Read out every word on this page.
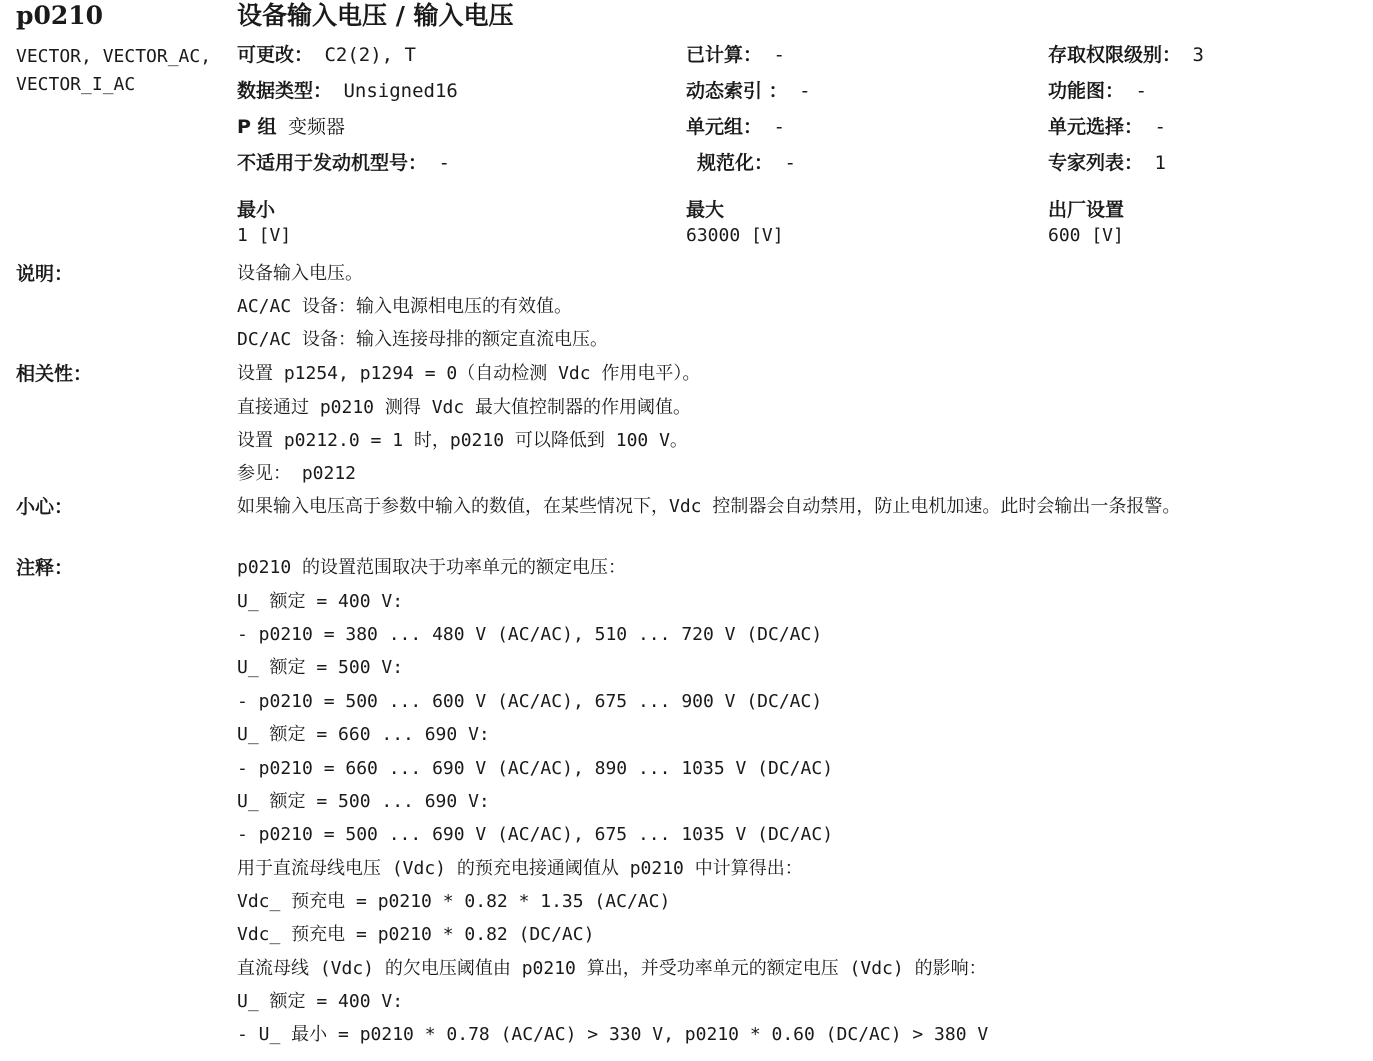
p0210	设备输入电压 / 输入电压
VECTOR, VECTOR_AC, VECTOR_I_AC
可更改： C2(2), T	已计算： -	存取权限级别： 3
数据类型： Unsigned16	动态索引 ： -	功能图： -
P 组 变频器	单元组： -	单元选择： -
不适用于发动机型号： -	规范化： -	专家列表： 1
最小
1 [V]
最大
63000 [V]
出厂设置
600 [V]
说明：	设备输入电压。
AC/AC 设备：输入电源相电压的有效值。
DC/AC 设备：输入连接母排的额定直流电压。
相关性：	设置 p1254, p1294 = 0（自动检测 Vdc 作用电平）。
直接通过 p0210 测得 Vdc 最大值控制器的作用阈值。
设置 p0212.0 = 1 时，p0210 可以降低到 100 V。
参见： p0212
小心：	如果输入电压高于参数中输入的数值，在某些情况下，Vdc 控制器会自动禁用，防止电机加速。此时会输出一条报警。
注释：	p0210 的设置范围取决于功率单元的额定电压：
U_ 额定 = 400 V:
- p0210 = 380 ... 480 V (AC/AC), 510 ... 720 V (DC/AC)
U_ 额定 = 500 V:
- p0210 = 500 ... 600 V (AC/AC), 675 ... 900 V (DC/AC)
U_ 额定 = 660 ... 690 V:
- p0210 = 660 ... 690 V (AC/AC), 890 ... 1035 V (DC/AC)
U_ 额定 = 500 ... 690 V:
- p0210 = 500 ... 690 V (AC/AC), 675 ... 1035 V (DC/AC)
用于直流母线电压 (Vdc) 的预充电接通阈值从 p0210 中计算得出：
Vdc_ 预充电 = p0210 * 0.82 * 1.35 (AC/AC)
Vdc_ 预充电 = p0210 * 0.82 (DC/AC)
直流母线 (Vdc) 的欠电压阈值由 p0210 算出，并受功率单元的额定电压 (Vdc) 的影响：
U_ 额定 = 400 V:
- U_ 最小 = p0210 * 0.78 (AC/AC) > 330 V, p0210 * 0.60 (DC/AC) > 380 V
